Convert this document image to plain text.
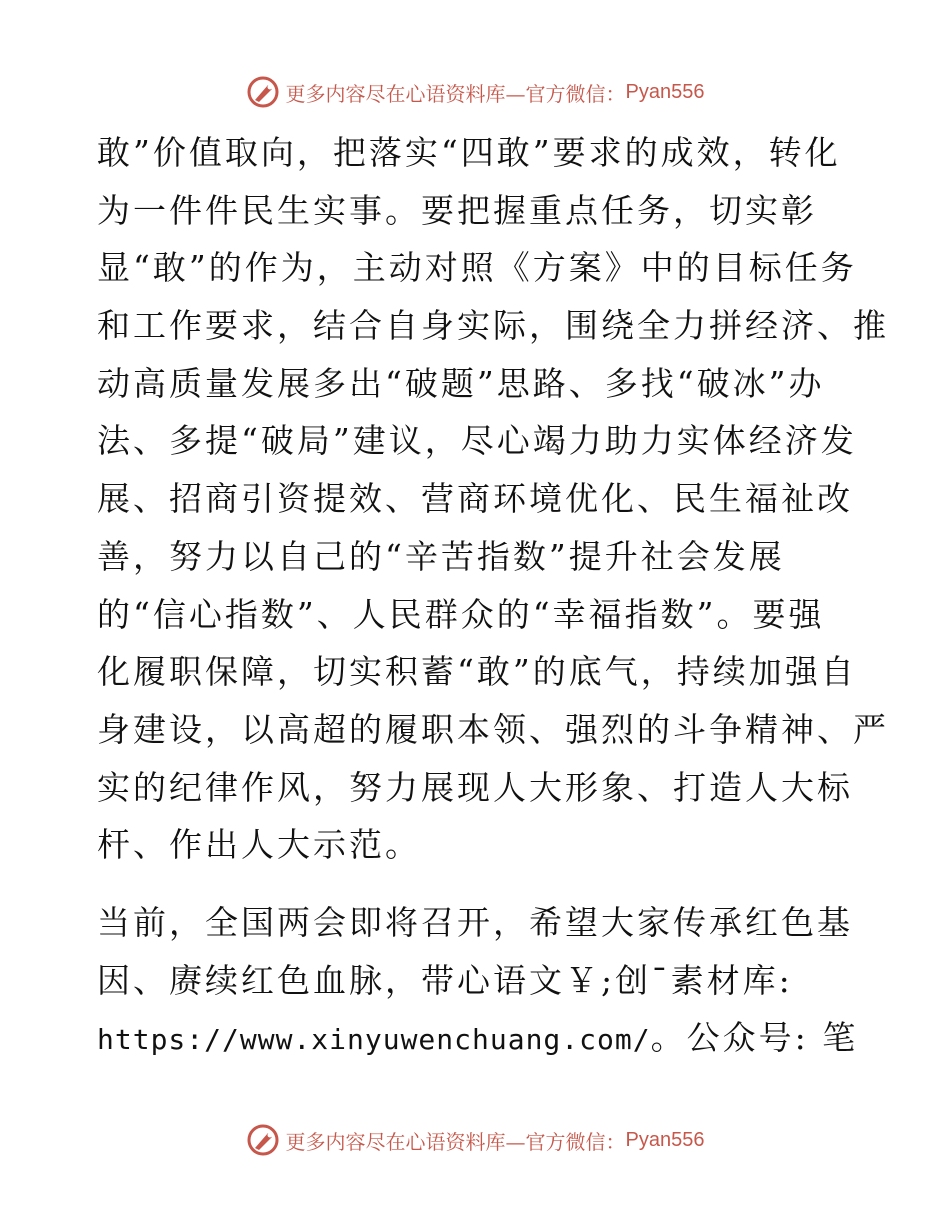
更多内容尽在心语资料库—官方微信： Pyan556
敢”价值取向，把落实“四敢”要求的成效，转化
为一件件民生实事。要把握重点任务，切实彰
显“敢”的作为，主动对照《方案》中的目标任务
和工作要求，结合自身实际，围绕全力拼经济、推
动高质量发展多出“破题”思路、多找“破冰”办
法、多提“破局”建议，尽心竭力助力实体经济发
展、招商引资提效、营商环境优化、民生福祉改
善，努力以自己的“辛苦指数”提升社会发展
的“信心指数”、人民群众的“幸福指数”。要强
化履职保障，切实积蓄“敢”的底气，持续加强自
身建设，以高超的履职本领、强烈的斗争精神、严
实的纪律作风，努力展现人大形象、打造人大标
杆、作出人大示范。
当前，全国两会即将召开，希望大家传承红色基
因、赓续红色血脉，带心语文￥;创¯素材库:
https://www.xinyuwenchuang.com/。公众号: 笔
更多内容尽在心语资料库—官方微信： Pyan556
